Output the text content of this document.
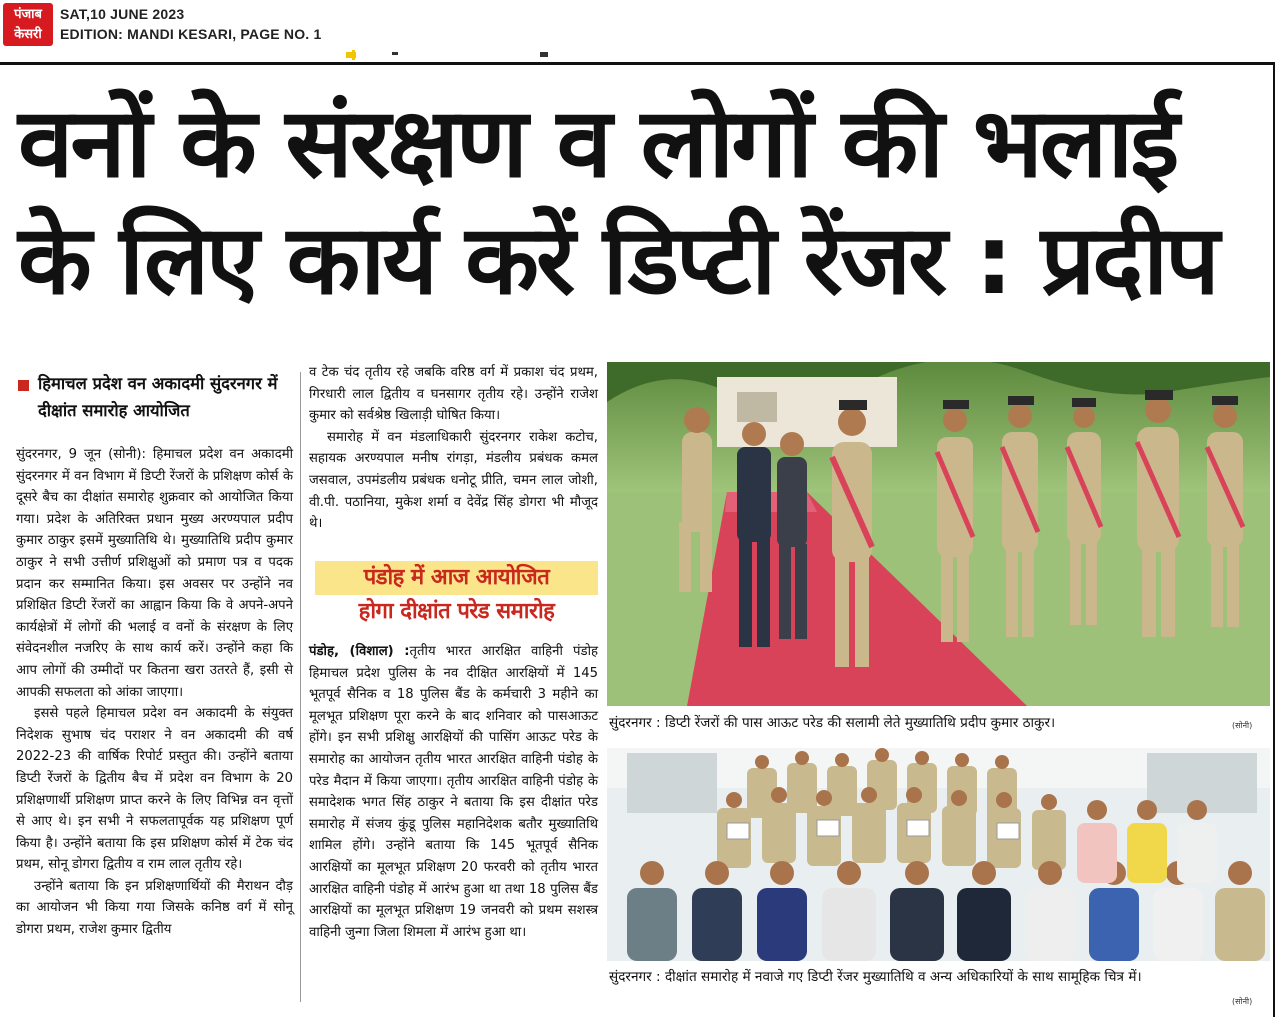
पंजाब
केसरी
SAT,10 JUNE 2023
EDITION: MANDI KESARI, PAGE NO. 1
वनों के संरक्षण व लोगों की भलाई
के लिए कार्य करें डिप्टी रेंजर : प्रदीप
हिमाचल प्रदेश वन अकादमी सुंदरनगर में दीक्षांत समारोह आयोजित

सुंदरनगर, 9 जून (सोनी): हिमाचल प्रदेश वन अकादमी सुंदरनगर में वन विभाग में डिप्टी रेंजरों के प्रशिक्षण कोर्स के दूसरे बैच का दीक्षांत समारोह शुक्रवार को आयोजित किया गया। प्रदेश के अतिरिक्त प्रधान मुख्य अरण्यपाल प्रदीप कुमार ठाकुर इसमें मुख्यातिथि थे। मुख्यातिथि प्रदीप कुमार ठाकुर ने सभी उत्तीर्ण प्रशिक्षुओं को प्रमाण पत्र व पदक प्रदान कर सम्मानित किया। इस अवसर पर उन्होंने नव प्रशिक्षित डिप्टी रेंजरों का आह्वान किया कि वे अपने-अपने कार्यक्षेत्रों में लोगों की भलाई व वनों के संरक्षण के लिए संवेदनशील नजरिए के साथ कार्य करें। उन्होंने कहा कि आप लोगों की उम्मीदों पर कितना खरा उतरते हैं, इसी से आपकी सफलता को आंका जाएगा।

इससे पहले हिमाचल प्रदेश वन अकादमी के संयुक्त निदेशक सुभाष चंद पराशर ने वन अकादमी की वर्ष 2022-23 की वार्षिक रिपोर्ट प्रस्तुत की। उन्होंने बताया डिप्टी रेंजरों के द्वितीय बैच में प्रदेश वन विभाग के 20 प्रशिक्षणार्थी प्रशिक्षण प्राप्त करने के लिए विभिन्न वन वृत्तों से आए थे। इन सभी ने सफलतापूर्वक यह प्रशिक्षण पूर्ण किया है। उन्होंने बताया कि इस प्रशिक्षण कोर्स में टेक चंद प्रथम, सोनू डोगरा द्वितीय व राम लाल तृतीय रहे।

उन्होंने बताया कि इन प्रशिक्षणार्थियों की मैराथन दौड़ का आयोजन भी किया गया जिसके कनिष्ठ वर्ग में सोनू डोगरा प्रथम, राजेश कुमार द्वितीय

व टेक चंद तृतीय रहे जबकि वरिष्ठ वर्ग में प्रकाश चंद प्रथम, गिरधारी लाल द्वितीय व घनसागर तृतीय रहे। उन्होंने राजेश कुमार को सर्वश्रेष्ठ खिलाड़ी घोषित किया।

समारोह में वन मंडलाधिकारी सुंदरनगर राकेश कटोच, सहायक अरण्यपाल मनीष रांगड़ा, मंडलीय प्रबंधक कमल जसवाल, उपमंडलीय प्रबंधक धनोटू प्रीति, चमन लाल जोशी, वी.पी. पठानिया, मुकेश शर्मा व देवेंद्र सिंह डोगरा भी मौजूद थे।

पंडोह में आज आयोजित
होगा दीक्षांत परेड समारोह

पंडोह, (विशाल) :तृतीय भारत आरक्षित वाहिनी पंडोह हिमाचल प्रदेश पुलिस के नव दीक्षित आरक्षियों में 145 भूतपूर्व सैनिक व 18 पुलिस बैंड के कर्मचारी 3 महीने का मूलभूत प्रशिक्षण पूरा करने के बाद शनिवार को पासआऊट होंगे। इन सभी प्रशिक्षु आरक्षियों की पासिंग आऊट परेड के समारोह का आयोजन तृतीय भारत आरक्षित वाहिनी पंडोह के परेड मैदान में किया जाएगा। तृतीय आरक्षित वाहिनी पंडोह के समादेशक भगत सिंह ठाकुर ने बताया कि इस दीक्षांत परेड समारोह में संजय कुंडू पुलिस महानिदेशक बतौर मुख्यातिथि शामिल होंगे। उन्होंने बताया कि 145 भूतपूर्व सैनिक आरक्षियों का मूलभूत प्रशिक्षण 20 फरवरी को तृतीय भारत आरक्षित वाहिनी पंडोह में आरंभ हुआ था तथा 18 पुलिस बैंड आरक्षियों का मूलभूत प्रशिक्षण 19 जनवरी को प्रथम सशस्त्र वाहिनी जुन्गा जिला शिमला में आरंभ हुआ था।

सुंदरनगर : डिप्टी रेंजरों की पास आऊट परेड की सलामी लेते मुख्यातिथि प्रदीप कुमार ठाकुर।	(सोनी)
सुंदरनगर : दीक्षांत समारोह में नवाजे गए डिप्टी रेंजर मुख्यातिथि व अन्य अधिकारियों के साथ सामूहिक चित्र में।
(सोनी)
